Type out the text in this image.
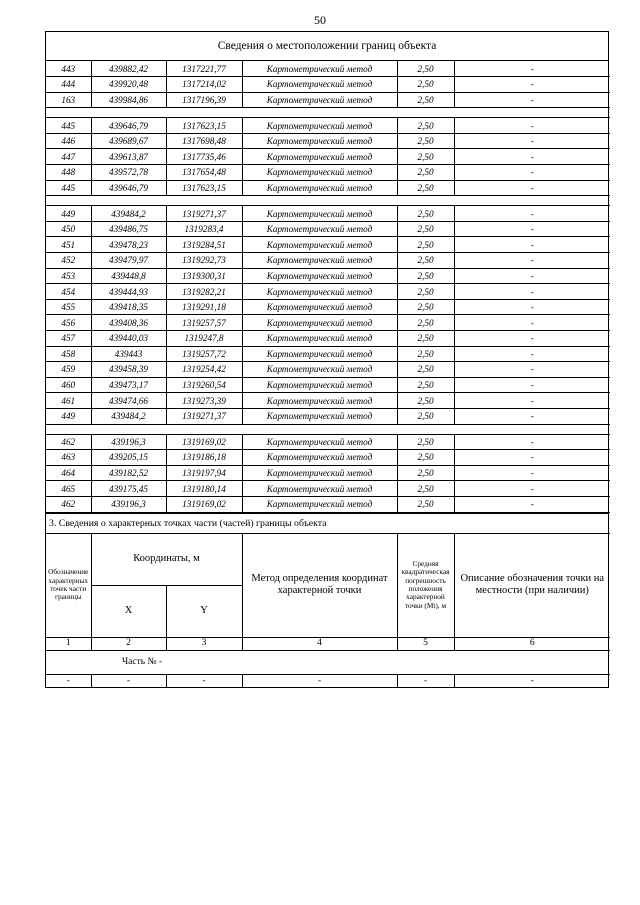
50
Сведения о местоположении границ объекта
443	439882,42	1317221,77	Картометрический метод	2,50	-
444	439920,48	1317214,02	Картометрический метод	2,50	-
163	439984,86	1317196,39	Картометрический метод	2,50	-

445	439646,79	1317623,15	Картометрический метод	2,50	-
446	439689,67	1317698,48	Картометрический метод	2,50	-
447	439613,87	1317735,46	Картометрический метод	2,50	-
448	439572,78	1317654,48	Картометрический метод	2,50	-
445	439646,79	1317623,15	Картометрический метод	2,50	-

449	439484,2	1319271,37	Картометрический метод	2,50	-
450	439486,75	1319283,4	Картометрический метод	2,50	-
451	439478,23	1319284,51	Картометрический метод	2,50	-
452	439479,97	1319292,73	Картометрический метод	2,50	-
453	439448,8	1319300,31	Картометрический метод	2,50	-
454	439444,93	1319282,21	Картометрический метод	2,50	-
455	439418,35	1319291,18	Картометрический метод	2,50	-
456	439408,36	1319257,57	Картометрический метод	2,50	-
457	439440,03	1319247,8	Картометрический метод	2,50	-
458	439443	1319257,72	Картометрический метод	2,50	-
459	439458,39	1319254,42	Картометрический метод	2,50	-
460	439473,17	1319260,54	Картометрический метод	2,50	-
461	439474,66	1319273,39	Картометрический метод	2,50	-
449	439484,2	1319271,37	Картометрический метод	2,50	-

462	439196,3	1319169,02	Картометрический метод	2,50	-
463	439205,15	1319186,18	Картометрический метод	2,50	-
464	439182,52	1319197,94	Картометрический метод	2,50	-
465	439175,45	1319180,14	Картометрический метод	2,50	-
462	439196,3	1319169,02	Картометрический метод	2,50	-
3. Сведения о характерных точках части (частей) границы объекта
Обозначение характерных точек части границы	Координаты, м		Метод определения координат характерной точки	Средняя квадратическая погрешность положения характерной точки (Mt), м	Описание обозначения точки на местности (при наличии)
	X	Y			
1	2	3	4	5	6
Часть № -					
-	-	-	-	-	-
